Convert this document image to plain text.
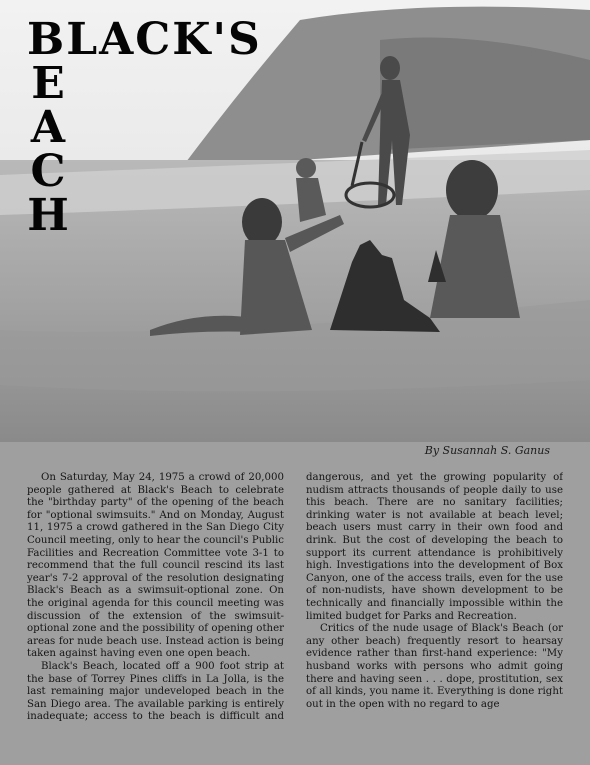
BLACK'S
E
A
C
H
By Susannah S. Ganus

On Saturday, May 24, 1975 a crowd of 20,000 people gathered at Black's Beach to celebrate the "birthday party" of the opening of the beach for "optional swimsuits." And on Monday, August 11, 1975 a crowd gathered in the San Diego City Council meeting, only to hear the council's Public Facilities and Recreation Committee vote 3-1 to recommend that the full council rescind its last year's 7-2 approval of the resolution designating Black's Beach as a swimsuit-optional zone. On the original agenda for this council meeting was discussion of the extension of the swimsuit-optional zone and the possibility of opening other areas for nude beach use. Instead action is being taken against having even one open beach.

Black's Beach, located off a 900 foot strip at the base of Torrey Pines cliffs in La Jolla, is the last remaining major undeveloped beach in the San Diego area. The available parking is entirely inadequate; access to the beach is difficult and dangerous, and yet the growing popularity of nudism attracts thousands of people daily to use this beach. There are no sanitary facilities; drinking water is not available at beach level; beach users must carry in their own food and drink. But the cost of developing the beach to support its current attendance is prohibitively high. Investigations into the development of Box Canyon, one of the access trails, even for the use of non-nudists, have shown development to be technically and financially impossible within the limited budget for Parks and Recreation.

Critics of the nude usage of Black's Beach (or any other beach) frequently resort to hearsay evidence rather than first-hand experience: "My husband works with persons who admit going there and having seen . . . dope, prostitution, sex of all kinds, you name it. Everything is done right out in the open with no regard to age
